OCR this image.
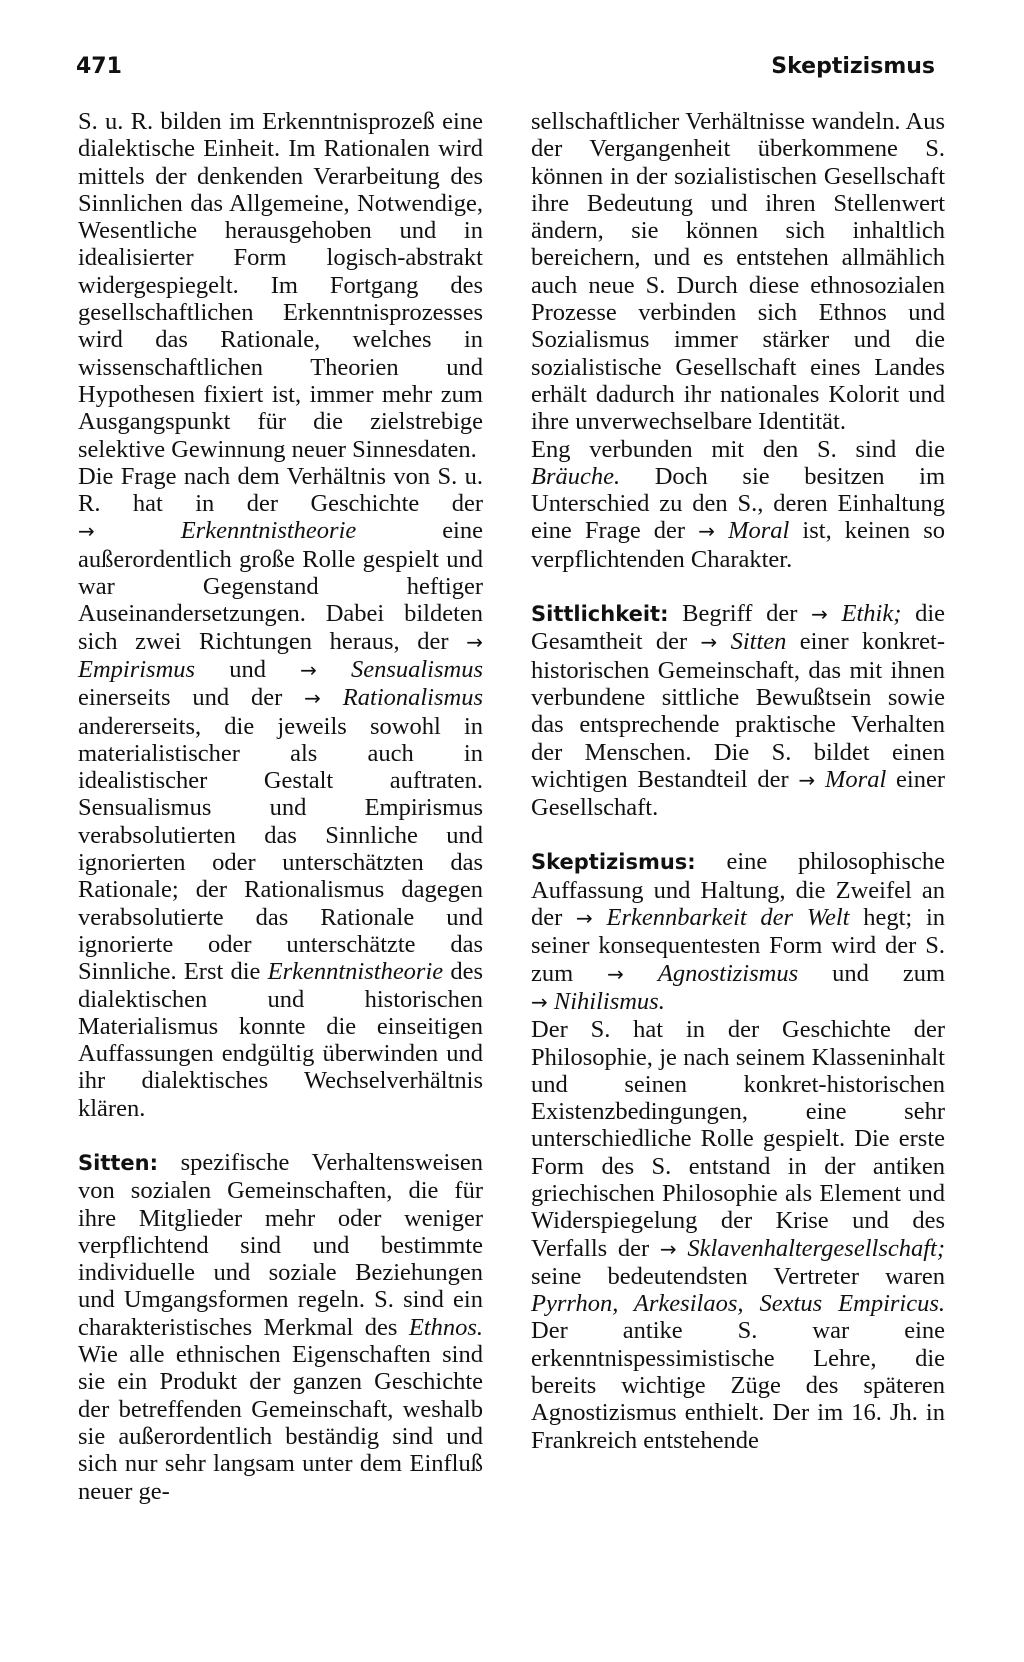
471	Skeptizismus

S. u. R. bilden im Erkenntnisprozeß eine dialektische Einheit. Im Rationalen wird mittels der denkenden Verarbeitung des Sinnlichen das Allgemeine, Notwendige, Wesentliche herausgehoben und in idealisierter Form logisch-abstrakt widergespiegelt. Im Fortgang des gesellschaftlichen Erkenntnisprozesses wird das Rationale, welches in wissenschaftlichen Theorien und Hypothesen fixiert ist, immer mehr zum Ausgangspunkt für die zielstrebige selektive Gewinnung neuer Sinnesdaten.

Die Frage nach dem Verhältnis von S. u. R. hat in der Geschichte der →	Erkenntnistheorie eine außerordentlich große Rolle gespielt und war Gegenstand heftiger Auseinandersetzungen. Dabei bildeten sich zwei Richtungen heraus, der → Empirismus und → Sensualismus einerseits und der → Rationalismus andererseits, die jeweils sowohl in materialistischer als auch in idealistischer Gestalt auftraten. Sensualismus und Empirismus verabsolutierten das Sinnliche und ignorierten oder unterschätzten das Rationale; der Rationalismus dagegen verabsolutierte das Rationale und ignorierte oder unterschätzte das Sinnliche. Erst die Erkenntnistheorie des dialektischen und historischen Materialismus konnte die einseitigen Auffassungen endgültig überwinden und ihr dialektisches Wechselverhältnis klären.

Sitten: spezifische Verhaltensweisen von sozialen Gemeinschaften, die für ihre Mitglieder mehr oder weniger verpflichtend sind und bestimmte individuelle und soziale Beziehungen und Umgangsformen regeln. S. sind ein charakteristisches Merkmal des Ethnos. Wie alle ethnischen Eigenschaften sind sie ein Produkt der ganzen Geschichte der betreffenden Gemeinschaft, weshalb sie außerordentlich beständig sind und sich nur sehr langsam unter dem Einfluß neuer ge-

sellschaftlicher Verhältnisse wandeln. Aus der Vergangenheit überkommene S. können in der sozialistischen Gesellschaft ihre Bedeutung und ihren Stellenwert ändern, sie können sich inhaltlich bereichern, und es entstehen allmählich auch neue S. Durch diese ethnosozialen Prozesse verbinden sich Ethnos und Sozialismus immer stärker und die sozialistische Gesellschaft eines Landes erhält dadurch ihr nationales Kolorit und ihre unverwechselbare Identität.

Eng verbunden mit den S. sind die Bräuche. Doch sie besitzen im Unterschied zu den S., deren Einhaltung eine Frage der → Moral ist, keinen so verpflichtenden Charakter.

Sittlichkeit: Begriff der → Ethik; die Gesamtheit der → Sitten einer konkret-historischen Gemeinschaft, das mit ihnen verbundene sittliche Bewußtsein sowie das entsprechende praktische Verhalten der Menschen. Die S. bildet einen wichtigen Bestandteil der → Moral einer Gesellschaft.

Skeptizismus: eine philosophische Auffassung und Haltung, die Zweifel an der → Erkennbarkeit der Welt hegt; in seiner konsequentesten Form wird der S. zum → Agnostizismus und zum → Nihilismus.

Der S. hat in der Geschichte der Philosophie, je nach seinem Klasseninhalt und seinen konkret-historischen Existenzbedingungen, eine sehr unterschiedliche Rolle gespielt. Die erste Form des S. entstand in der antiken griechischen Philosophie als Element und Widerspiegelung der Krise und des Verfalls der → Sklavenhaltergesellschaft; seine bedeutendsten Vertreter waren Pyrrhon, Arkesilaos, Sextus Empiricus. Der antike S. war eine erkenntnispessimistische Lehre, die bereits wichtige Züge des späteren Agnostizismus enthielt. Der im 16. Jh. in Frankreich entstehende
